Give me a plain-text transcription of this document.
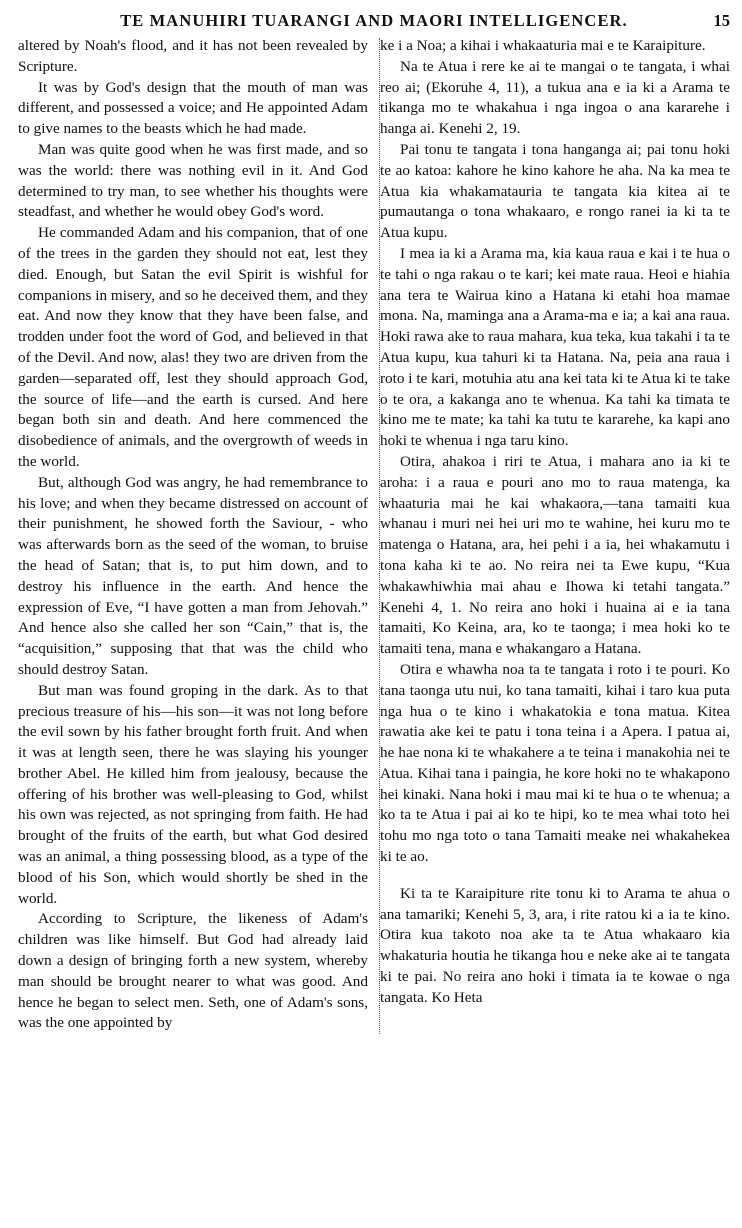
TE MANUHIRI TUARANGI AND MAORI INTELLIGENCER.	15

altered by Noah's flood, and it has not been revealed by Scripture.

It was by God's design that the mouth of man was different, and possessed a voice; and He appointed Adam to give names to the beasts which he had made.

Man was quite good when he was first made, and so was the world: there was nothing evil in it. And God determined to try man, to see whether his thoughts were steadfast, and whether he would obey God's word.

He commanded Adam and his companion, that of one of the trees in the garden they should not eat, lest they died. Enough, but Satan the evil Spirit is wishful for companions in misery, and so he deceived them, and they eat. And now they know that they have been false, and trodden under foot the word of God, and believed in that of the Devil. And now, alas! they two are driven from the garden—separated off, lest they should approach God, the source of life—and the earth is cursed. And here began both sin and death. And here commenced the disobedience of animals, and the overgrowth of weeds in the world.

But, although God was angry, he had remembrance to his love; and when they became distressed on account of their punishment, he showed forth the Saviour, - who was afterwards born as the seed of the woman, to bruise the head of Satan; that is, to put him down, and to destroy his influence in the earth. And hence the expression of Eve, “I have gotten a man from Jehovah.” And hence also she called her son “Cain,” that is, the “acquisition,” supposing that that was the child who should destroy Satan.

But man was found groping in the dark. As to that precious treasure of his—his son—it was not long before the evil sown by his father brought forth fruit. And when it was at length seen, there he was slaying his younger brother Abel. He killed him from jealousy, because the offering of his brother was well-pleasing to God, whilst his own was rejected, as not springing from faith. He had brought of the fruits of the earth, but what God desired was an animal, a thing possessing blood, as a type of the blood of his Son, which would shortly be shed in the world.

According to Scripture, the likeness of Adam's children was like himself. But God had already laid down a design of bringing forth a new system, whereby man should be brought nearer to what was good. And hence he began to select men. Seth, one of Adam's sons, was the one appointed by

ke i a Noa; a kihai i whakaaturia mai e te Karaipiture.

Na te Atua i rere ke ai te mangai o te tangata, i whai reo ai; (Ekoruhe 4, 11), a tukua ana e ia ki a Arama te tikanga mo te whakahua i nga ingoa o ana kararehe i hanga ai. Kenehi 2, 19.

Pai tonu te tangata i tona hanganga ai; pai tonu hoki te ao katoa: kahore he kino kahore he aha. Na ka mea te Atua kia whakamatauria te tangata kia kitea ai te pumautanga o tona whakaaro, e rongo ranei ia ki ta te Atua kupu.

I mea ia ki a Arama ma, kia kaua raua e kai i te hua o te tahi o nga rakau o te kari; kei mate raua. Heoi e hiahia ana tera te Wairua kino a Hatana ki etahi hoa mamae mona. Na, maminga ana a Arama-ma e ia; a kai ana raua. Hoki rawa ake to raua mahara, kua teka, kua takahi i ta te Atua kupu, kua tahuri ki ta Hatana. Na, peia ana raua i roto i te kari, motuhia atu ana kei tata ki te Atua ki te take o te ora, a kakanga ano te whenua. Ka tahi ka timata te kino me te mate; ka tahi ka tutu te kararehe, ka kapi ano hoki te whenua i nga taru kino.

Otira, ahakoa i riri te Atua, i mahara ano ia ki te aroha: i a raua e pouri ano mo to raua matenga, ka whaaturia mai he kai whakaora,—tana tamaiti kua whanau i muri nei hei uri mo te wahine, hei kuru mo te matenga o Hatana, ara, hei pehi i a ia, hei whakamutu i tona kaha ki te ao. No reira nei ta Ewe kupu, “Kua whakawhiwhia mai ahau e Ihowa ki tetahi tangata.” Kenehi 4, 1. No reira ano hoki i huaina ai e ia tana tamaiti, Ko Keina, ara, ko te taonga; i mea hoki ko te tamaiti tena, mana e whakangaro a Hatana.

Otira e whawha noa ta te tangata i roto i te pouri. Ko tana taonga utu nui, ko tana tamaiti, kihai i taro kua puta nga hua o te kino i whakatokia e tona matua. Kitea rawatia ake kei te patu i tona teina i a Apera. I patua ai, he hae nona ki te whakahere a te teina i manakohia nei te Atua. Kihai tana i paingia, he kore hoki no te whakapono hei kinaki. Nana hoki i mau mai ki te hua o te whenua; a ko ta te Atua i pai ai ko te hipi, ko te mea whai toto hei tohu mo nga toto o tana Tamaiti meake nei whakahekea ki te ao.

Ki ta te Karaipiture rite tonu ki to Arama te ahua o ana tamariki; Kenehi 5, 3, ara, i rite ratou ki a ia te kino. Otira kua takoto noa ake ta te Atua whakaaro kia whakaturia houtia he tikanga hou e neke ake ai te tangata ki te pai. No reira ano hoki i timata ia te kowae o nga tangata. Ko Heta
